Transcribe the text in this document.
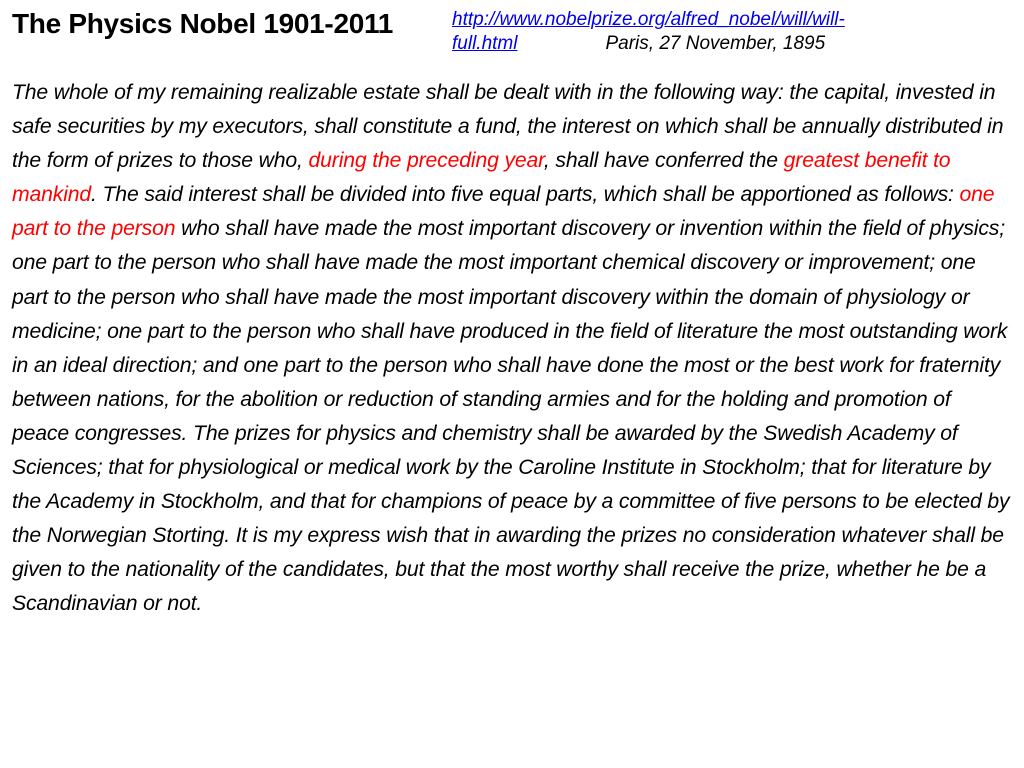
The Physics Nobel 1901-2011	http://www.nobelprize.org/alfred_nobel/will/will-
full.html	Paris, 27 November, 1895

The whole of my remaining realizable estate shall be dealt with in the following way: the capital, invested in safe securities by my executors, shall constitute a fund, the interest on which shall be annually distributed in the form of prizes to those who, during the preceding year, shall have conferred the greatest benefit to mankind. The said interest shall be divided into five equal parts, which shall be apportioned as follows: one part to the person who shall have made the most important discovery or invention within the field of physics; one part to the person who shall have made the most important chemical discovery or improvement; one part to the person who shall have made the most important discovery within the domain of physiology or medicine; one part to the person who shall have produced in the field of literature the most outstanding work in an ideal direction; and one part to the person who shall have done the most or the best work for fraternity between nations, for the abolition or reduction of standing armies and for the holding and promotion of peace congresses. The prizes for physics and chemistry shall be awarded by the Swedish Academy of Sciences; that for physiological or medical work by the Caroline Institute in Stockholm; that for literature by the Academy in Stockholm, and that for champions of peace by a committee of five persons to be elected by the Norwegian Storting. It is my express wish that in awarding the prizes no consideration whatever shall be given to the nationality of the candidates, but that the most worthy shall receive the prize, whether he be a Scandinavian or not.
